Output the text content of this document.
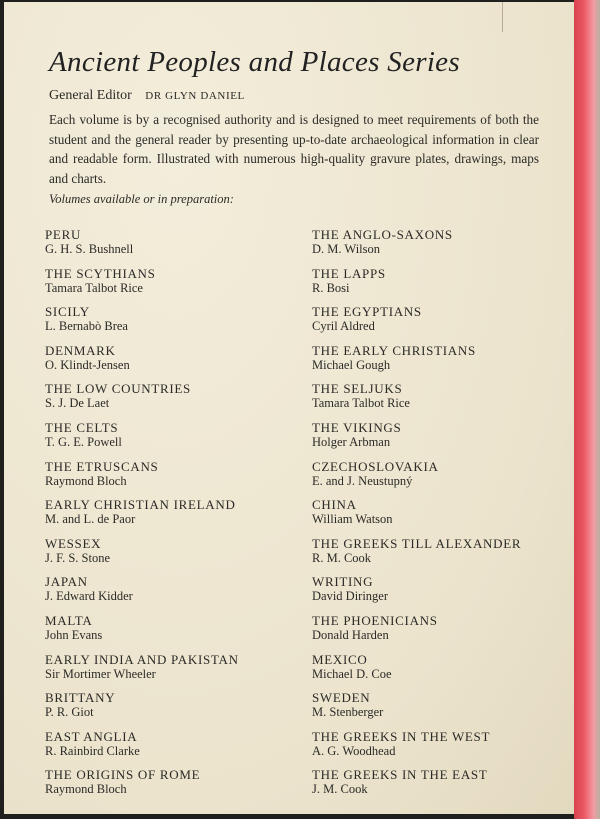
Ancient Peoples and Places Series
General Editor DR GLYN DANIEL

Each volume is by a recognised authority and is designed to meet requirements of both the student and the general reader by presenting up-to-date archaeological information in clear and readable form. Illustrated with numerous high-quality gravure plates, drawings, maps and charts.

Volumes available or in preparation:
PERU
G. H. S. Bushnell
THE SCYTHIANS
Tamara Talbot Rice
SICILY
L. Bernabò Brea
DENMARK
O. Klindt-Jensen
THE LOW COUNTRIES
S. J. De Laet
THE CELTS
T. G. E. Powell
THE ETRUSCANS
Raymond Bloch
EARLY CHRISTIAN IRELAND
M. and L. de Paor
WESSEX
J. F. S. Stone
JAPAN
J. Edward Kidder
MALTA
John Evans
EARLY INDIA AND PAKISTAN
Sir Mortimer Wheeler
BRITTANY
P. R. Giot
EAST ANGLIA
R. Rainbird Clarke
THE ORIGINS OF ROME
Raymond Bloch
THE ANGLO-SAXONS
D. M. Wilson
THE LAPPS
R. Bosi
THE EGYPTIANS
Cyril Aldred
THE EARLY CHRISTIANS
Michael Gough
THE SELJUKS
Tamara Talbot Rice
THE VIKINGS
Holger Arbman
CZECHOSLOVAKIA
E. and J. Neustupný
CHINA
William Watson
THE GREEKS TILL ALEXANDER
R. M. Cook
WRITING
David Diringer
THE PHOENICIANS
Donald Harden
MEXICO
Michael D. Coe
SWEDEN
M. Stenberger
THE GREEKS IN THE WEST
A. G. Woodhead
THE GREEKS IN THE EAST
J. M. Cook
